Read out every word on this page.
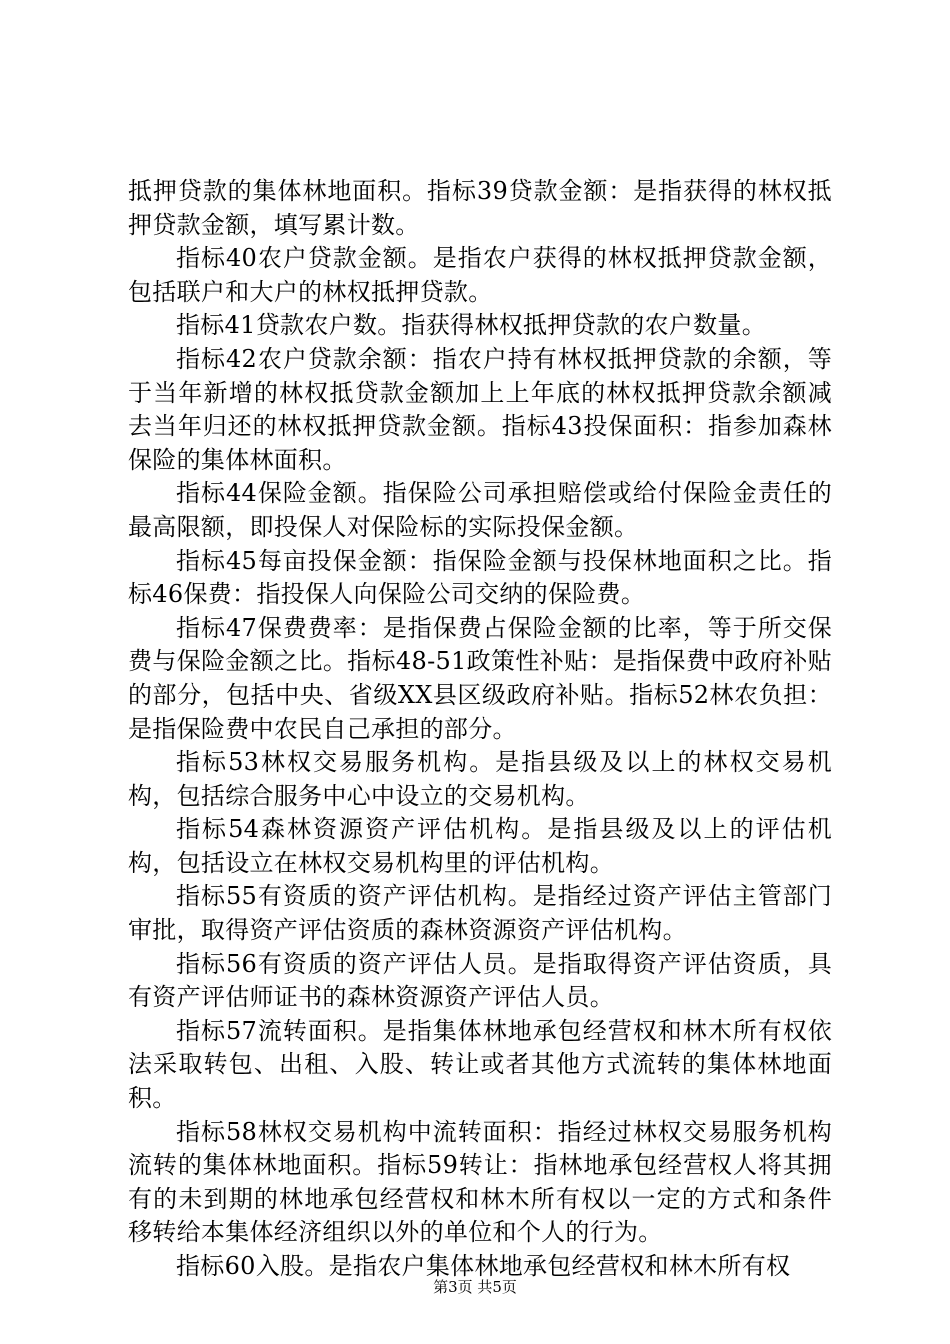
抵押贷款的集体林地面积。指标39贷款金额：是指获得的林权抵押贷款金额，填写累计数。

指标40农户贷款金额。是指农户获得的林权抵押贷款金额，包括联户和大户的林权抵押贷款。

指标41贷款农户数。指获得林权抵押贷款的农户数量。

指标42农户贷款余额：指农户持有林权抵押贷款的余额，等于当年新增的林权抵贷款金额加上上年底的林权抵押贷款余额减去当年归还的林权抵押贷款金额。指标43投保面积：指参加森林保险的集体林面积。

指标44保险金额。指保险公司承担赔偿或给付保险金责任的最高限额，即投保人对保险标的实际投保金额。

指标45每亩投保金额：指保险金额与投保林地面积之比。指标46保费：指投保人向保险公司交纳的保险费。

指标47保费费率：是指保费占保险金额的比率，等于所交保费与保险金额之比。指标48-51政策性补贴：是指保费中政府补贴的部分，包括中央、省级XX县区级政府补贴。指标52林农负担：是指保险费中农民自己承担的部分。

指标53林权交易服务机构。是指县级及以上的林权交易机构，包括综合服务中心中设立的交易机构。

指标54森林资源资产评估机构。是指县级及以上的评估机构，包括设立在林权交易机构里的评估机构。

指标55有资质的资产评估机构。是指经过资产评估主管部门审批，取得资产评估资质的森林资源资产评估机构。

指标56有资质的资产评估人员。是指取得资产评估资质，具有资产评估师证书的森林资源资产评估人员。

指标57流转面积。是指集体林地承包经营权和林木所有权依法采取转包、出租、入股、转让或者其他方式流转的集体林地面积。

指标58林权交易机构中流转面积：指经过林权交易服务机构流转的集体林地面积。指标59转让：指林地承包经营权人将其拥有的未到期的林地承包经营权和林木所有权以一定的方式和条件移转给本集体经济组织以外的单位和个人的行为。

指标60入股。是指农户集体林地承包经营权和林木所有权

第3页 共5页
